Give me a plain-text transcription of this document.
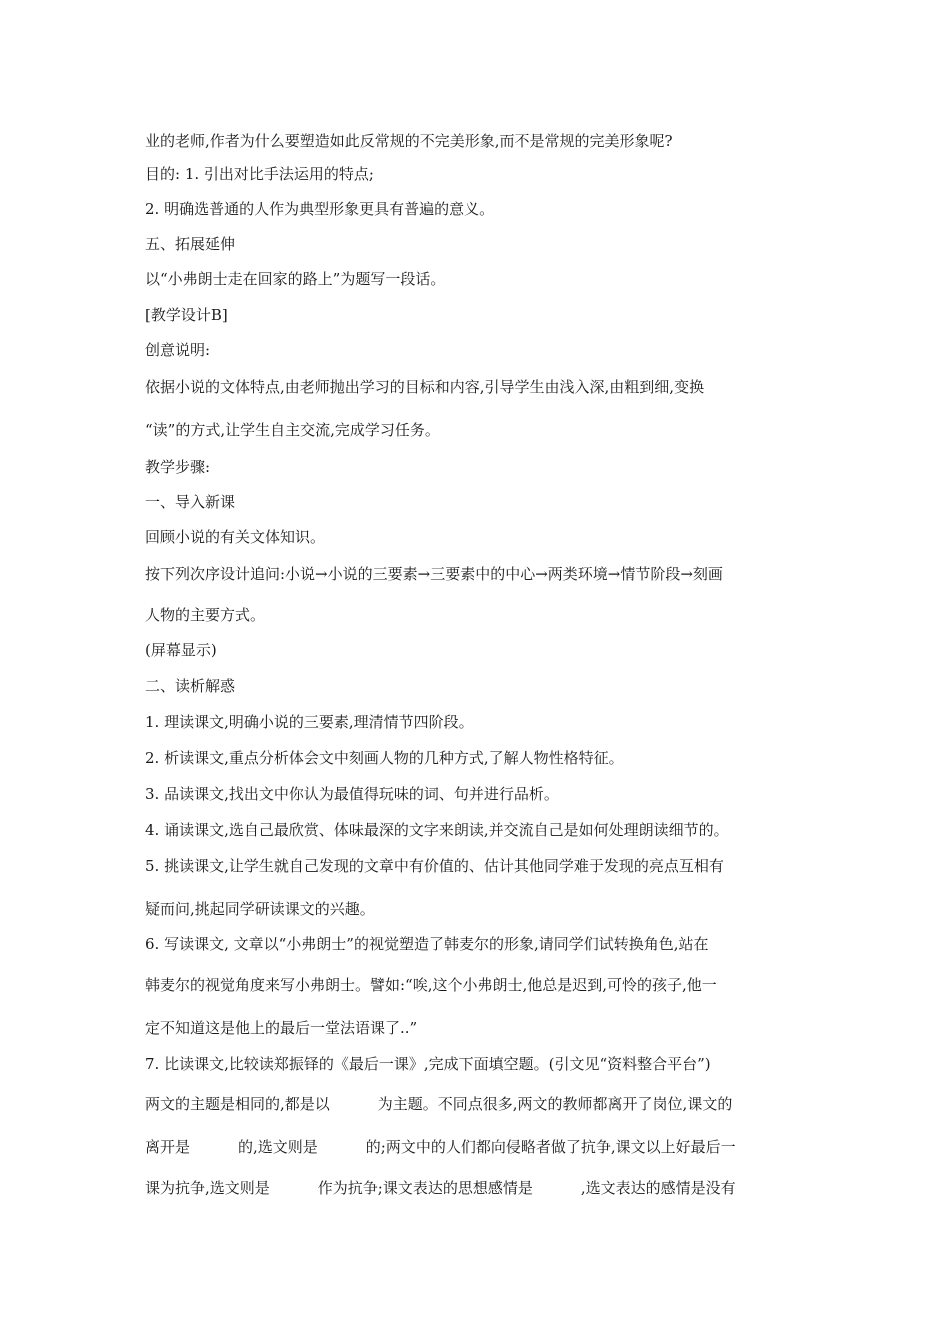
业的老师,作者为什么要塑造如此反常规的不完美形象,而不是常规的完美形象呢?
目的: 1. 引出对比手法运用的特点;
2. 明确选普通的人作为典型形象更具有普遍的意义。
五、拓展延伸
以“小弗朗士走在回家的路上”为题写一段话。
[教学设计B]
创意说明:
依据小说的文体特点,由老师抛出学习的目标和内容,引导学生由浅入深,由粗到细,变换
“读”的方式,让学生自主交流,完成学习任务。
教学步骤:
一、导入新课
回顾小说的有关文体知识。
按下列次序设计追问:小说→小说的三要素→三要素中的中心→两类环境→情节阶段→刻画
人物的主要方式。
(屏幕显示)
二、读析解惑
1. 理读课文,明确小说的三要素,理清情节四阶段。
2. 析读课文,重点分析体会文中刻画人物的几种方式,了解人物性格特征。
3. 品读课文,找出文中你认为最值得玩味的词、句并进行品析。
4. 诵读课文,选自己最欣赏、体味最深的文字来朗读,并交流自己是如何处理朗读细节的。
5. 挑读课文,让学生就自己发现的文章中有价值的、估计其他同学难于发现的亮点互相有
疑而问,挑起同学研读课文的兴趣。
6. 写读课文, 文章以“小弗朗士”的视觉塑造了韩麦尔的形象,请同学们试转换角色,站在
韩麦尔的视觉角度来写小弗朗士。譬如:“唉,这个小弗朗士,他总是迟到,可怜的孩子,他一
定不知道这是他上的最后一堂法语课了..”
7. 比读课文,比较读郑振铎的《最后一课》,完成下面填空题。(引文见“资料整合平台”)
两文的主题是相同的,都是以	为主题。不同点很多,两文的教师都离开了岗位,课文的
离开是	的,选文则是	的;两文中的人们都向侵略者做了抗争,课文以上好最后一
课为抗争,选文则是	作为抗争;课文表达的思想感情是	,选文表达的感情是没有
